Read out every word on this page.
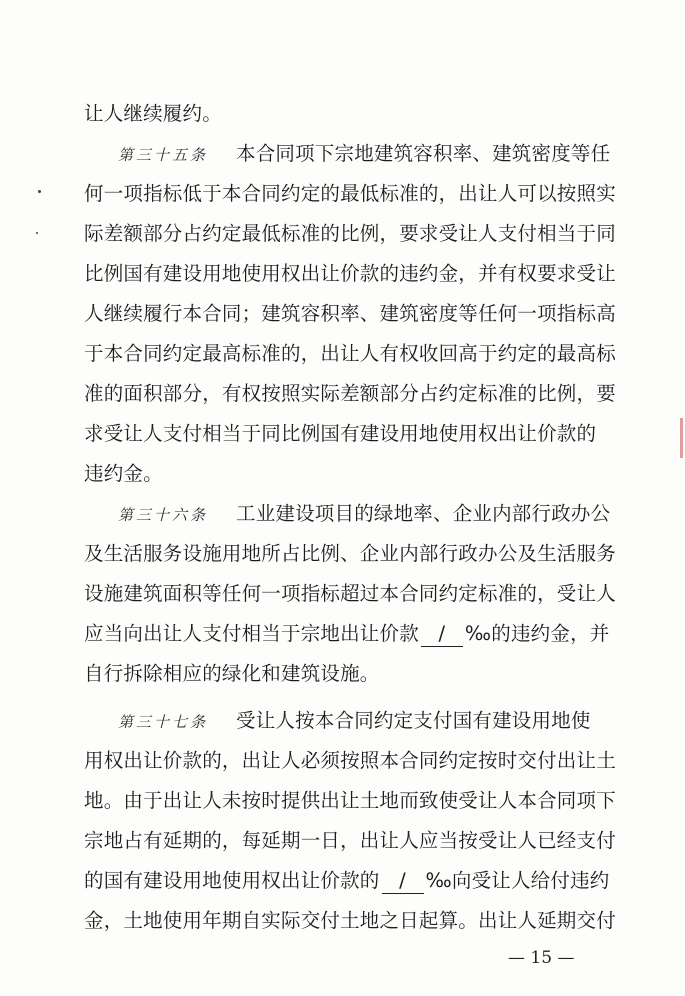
让人继续履约。
第三十五条 本合同项下宗地建筑容积率、建筑密度等任
何一项指标低于本合同约定的最低标准的，出让人可以按照实
际差额部分占约定最低标准的比例，要求受让人支付相当于同
比例国有建设用地使用权出让价款的违约金，并有权要求受让
人继续履行本合同；建筑容积率、建筑密度等任何一项指标高
于本合同约定最高标准的，出让人有权收回高于约定的最高标
准的面积部分，有权按照实际差额部分占约定标准的比例，要
求受让人支付相当于同比例国有建设用地使用权出让价款的
违约金。
第三十六条 工业建设项目的绿地率、企业内部行政办公
及生活服务设施用地所占比例、企业内部行政办公及生活服务
设施建筑面积等任何一项指标超过本合同约定标准的，受让人
应当向出让人支付相当于宗地出让价款 / ‰的违约金，并
自行拆除相应的绿化和建筑设施。
第三十七条 受让人按本合同约定支付国有建设用地使
用权出让价款的，出让人必须按照本合同约定按时交付出让土
地。由于出让人未按时提供出让土地而致使受让人本合同项下
宗地占有延期的，每延期一日，出让人应当按受让人已经支付
的国有建设用地使用权出让价款的 / ‰向受让人给付违约
金，土地使用年期自实际交付土地之日起算。出让人延期交付
— 15 —
